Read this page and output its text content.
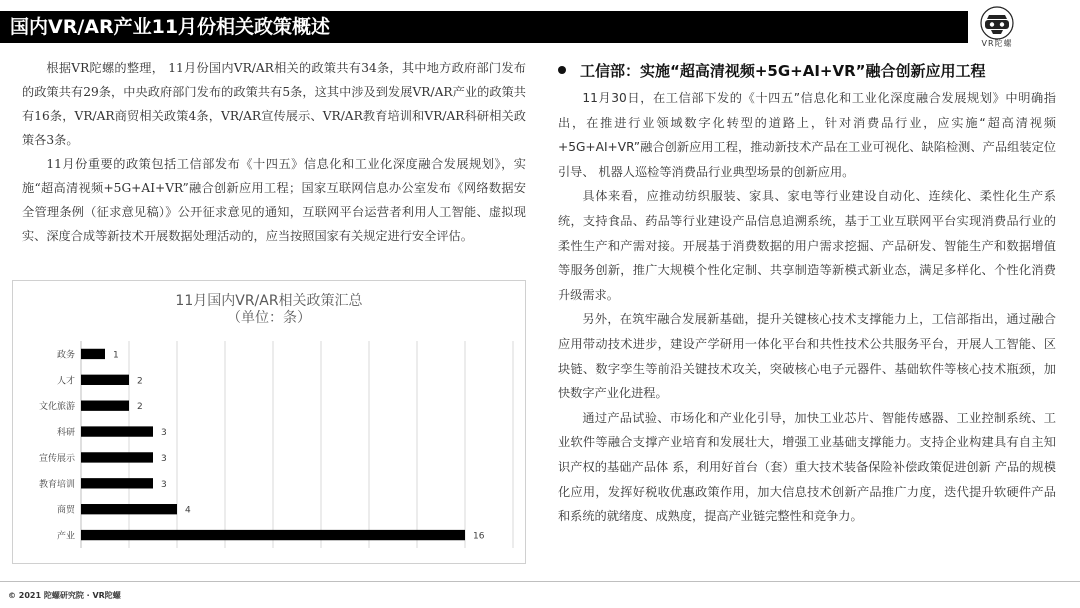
国内VR/AR产业11月份相关政策概述
VR陀螺

根据VR陀螺的整理， 11月份国内VR/AR相关的政策共有34条，其中地方政府部门发布的政策共有29条，中央政府部门发布的政策共有5条，这其中涉及到发展VR/AR产业的政策共有16条，VR/AR商贸相关政策4条，VR/AR宣传展示、VR/AR教育培训和VR/AR科研相关政策各3条。

11月份重要的政策包括工信部发布《十四五》信息化和工业化深度融合发展规划》，实施“超高清视频+5G+AI+VR”融合创新应用工程；国家互联网信息办公室发布《网络数据安全管理条例（征求意见稿）》公开征求意见的通知，互联网平台运营者利用人工智能、虚拟现实、深度合成等新技术开展数据处理活动的，应当按照国家有关规定进行安全评估。

11月国内VR/AR相关政策汇总
（单位：条）
政务	1
人才	2
文化旅游	2
科研	3
宣传展示	3
教育培训	3
商贸	4
产业	16
工信部：实施“超高清视频+5G+AI+VR”融合创新应用工程

11月30日，在工信部下发的《十四五”信息化和工业化深度融合发展规划》中明确指出，在推进行业领域数字化转型的道路上，针对消费品行业，应实施“超高清视频+5G+AI+VR”融合创新应用工程，推动新技术产品在工业可视化、缺陷检测、产品组装定位引导、 机器人巡检等消费品行业典型场景的创新应用。

具体来看，应推动纺织服装、家具、家电等行业建设自动化、连续化、柔性化生产系统，支持食品、药品等行业建设产品信息追溯系统，基于工业互联网平台实现消费品行业的柔性生产和产需对接。开展基于消费数据的用户需求挖掘、产品研发、智能生产和数据增值等服务创新，推广大规模个性化定制、共享制造等新模式新业态，满足多样化、个性化消费升级需求。

另外，在筑牢融合发展新基础，提升关键核心技术支撑能力上，工信部指出，通过融合应用带动技术进步，建设产学研用一体化平台和共性技术公共服务平台，开展人工智能、区块链、数字孪生等前沿关键技术攻关，突破核心电子元器件、基础软件等核心技术瓶颈，加快数字产业化进程。

通过产品试验、市场化和产业化引导，加快工业芯片、智能传感器、工业控制系统、工业软件等融合支撑产业培育和发展壮大，增强工业基础支撑能力。支持企业构建具有自主知识产权的基础产品体 系，利用好首台（套）重大技术装备保险补偿政策促进创新 产品的规模化应用，发挥好税收优惠政策作用，加大信息技术创新产品推广力度，迭代提升软硬件产品和系统的就绪度、成熟度，提高产业链完整性和竞争力。

© 2021 陀螺研究院 · VR陀螺
